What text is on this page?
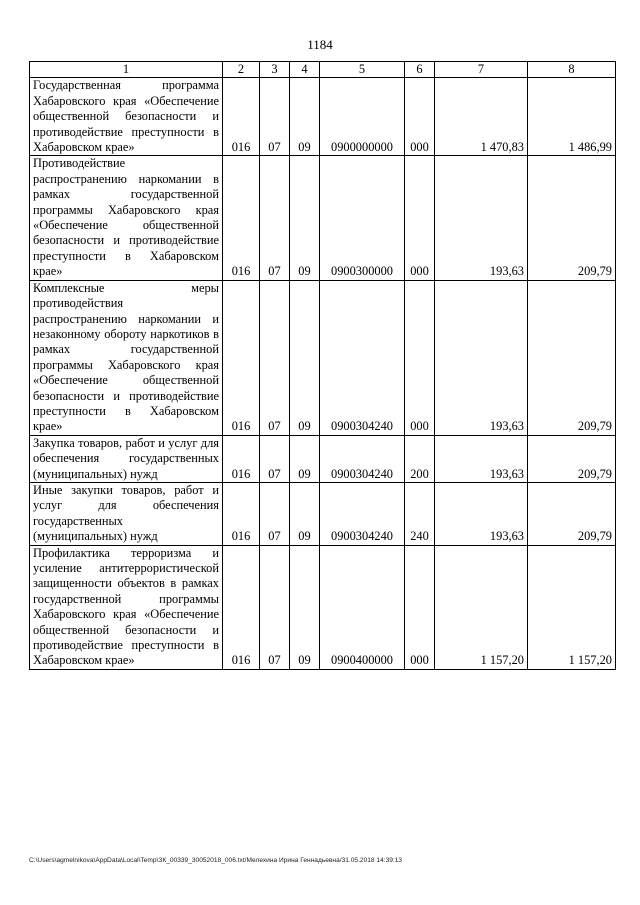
1184
1	2	3	4	5	6	7	8

Государственная программа Хабаровского края «Обеспечение общественной безопасности и противодействие преступности в Хабаровском крае»	016	07	09	0900000000	000	1 470,83	1 486,99

Противодействие распространению наркомании в рамках государственной программы Хабаровского края «Обеспечение общественной безопасности и противодействие преступности в Хабаровском крае»	016	07	09	0900300000	000	193,63	209,79

Комплексные меры противодействия распространению наркомании и незаконному обороту наркотиков в рамках государственной программы Хабаровского края «Обеспечение общественной безопасности и противодействие преступности в Хабаровском крае»	016	07	09	0900304240	000	193,63	209,79

Закупка товаров, работ и услуг для обеспечения государственных (муниципальных) нужд	016	07	09	0900304240	200	193,63	209,79

Иные закупки товаров, работ и услуг для обеспечения государственных (муниципальных) нужд	016	07	09	0900304240	240	193,63	209,79

Профилактика терроризма и усиление антитеррористической защищенности объектов в рамках государственной программы Хабаровского края «Обеспечение общественной безопасности и противодействие преступности в Хабаровском крае»	016	07	09	0900400000	000	1 157,20	1 157,20
C:\Users\agmelnikova\AppData\Local\Temp\ЗК_00339_30052018_006.txt/Мелехина Ирина Геннадьевна/31.05.2018 14:39:13
